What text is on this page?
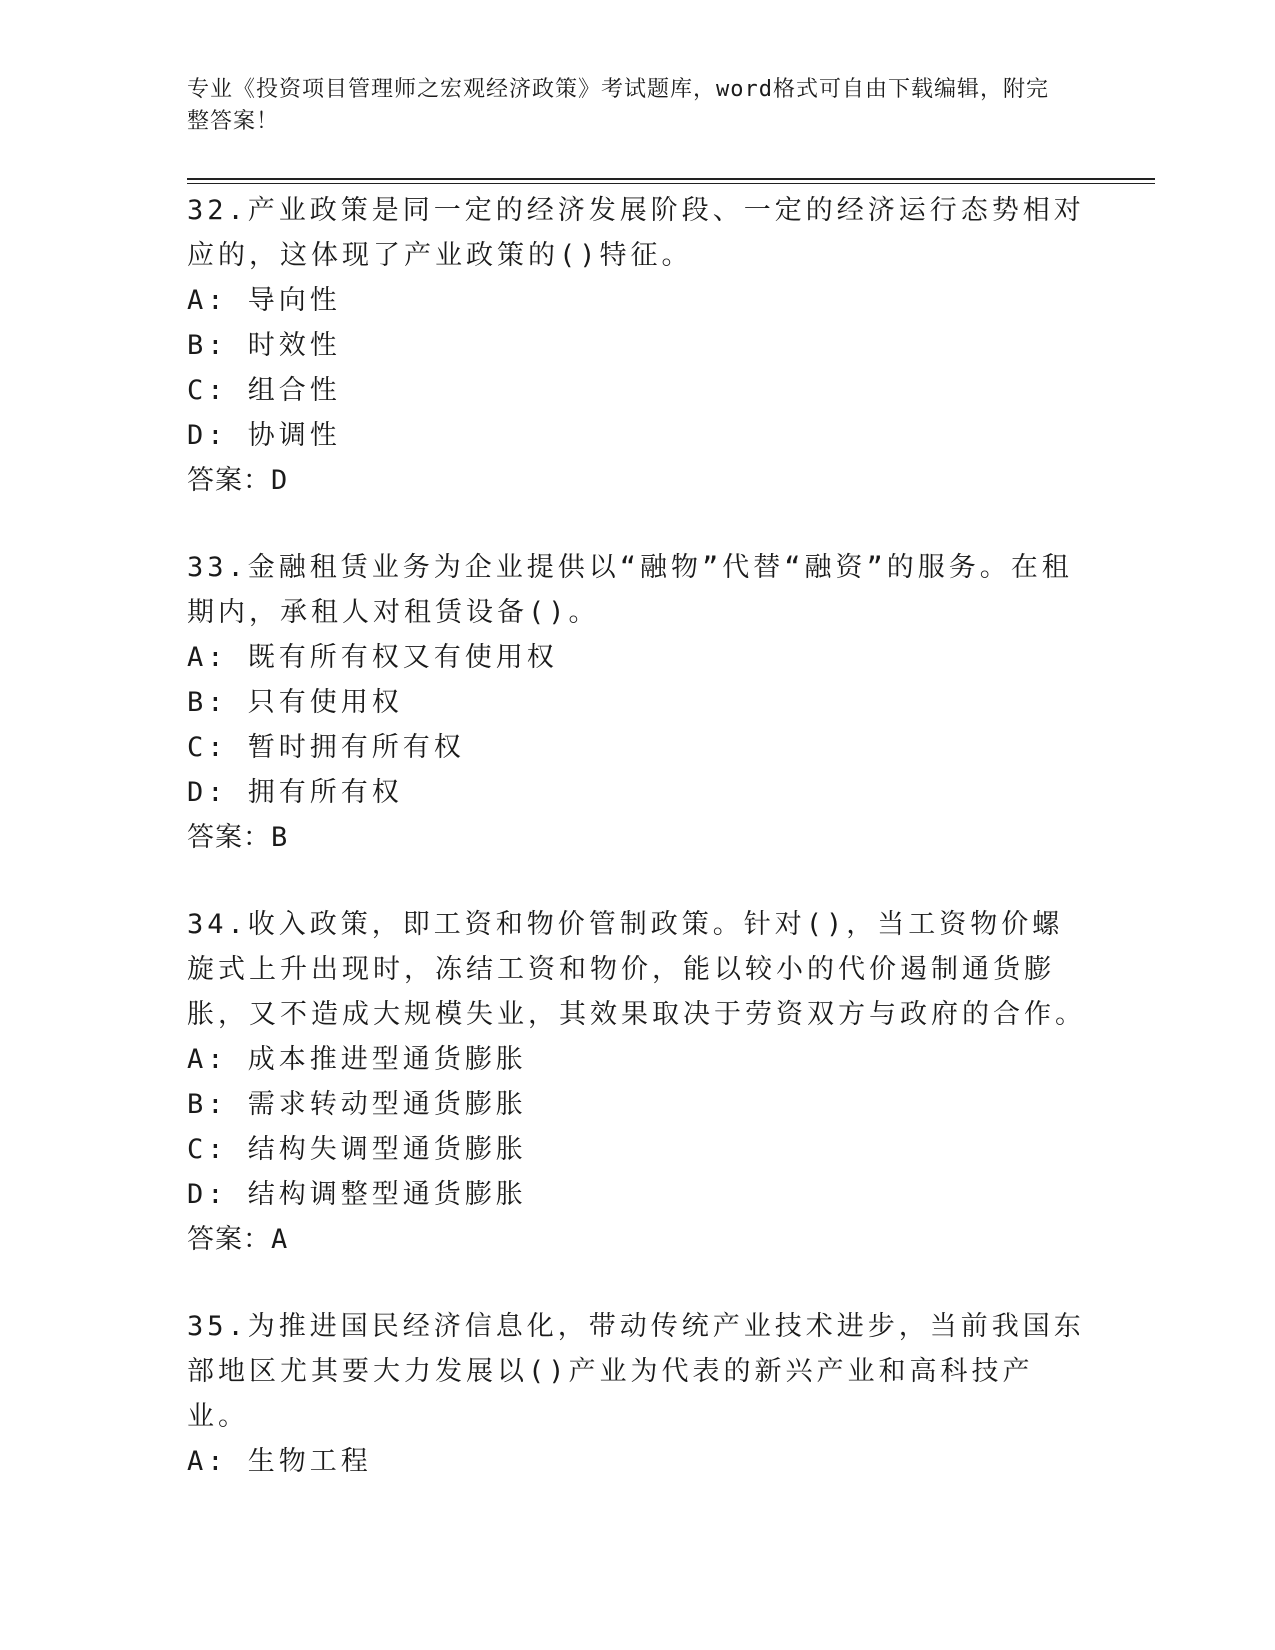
专业《投资项目管理师之宏观经济政策》考试题库，word格式可自由下载编辑，附完整答案！

32.产业政策是同一定的经济发展阶段、一定的经济运行态势相对应的，这体现了产业政策的()特征。

A: 导向性
B: 时效性
C: 组合性
D: 协调性
答案：D

33.金融租赁业务为企业提供以“融物”代替“融资”的服务。在租期内，承租人对租赁设备()。

A: 既有所有权又有使用权
B: 只有使用权
C: 暂时拥有所有权
D: 拥有所有权
答案：B

34.收入政策，即工资和物价管制政策。针对()，当工资物价螺旋式上升出现时，冻结工资和物价，能以较小的代价遏制通货膨胀，又不造成大规模失业，其效果取决于劳资双方与政府的合作。

A: 成本推进型通货膨胀
B: 需求转动型通货膨胀
C: 结构失调型通货膨胀
D: 结构调整型通货膨胀
答案：A

35.为推进国民经济信息化，带动传统产业技术进步，当前我国东部地区尤其要大力发展以()产业为代表的新兴产业和高科技产业。

A: 生物工程
